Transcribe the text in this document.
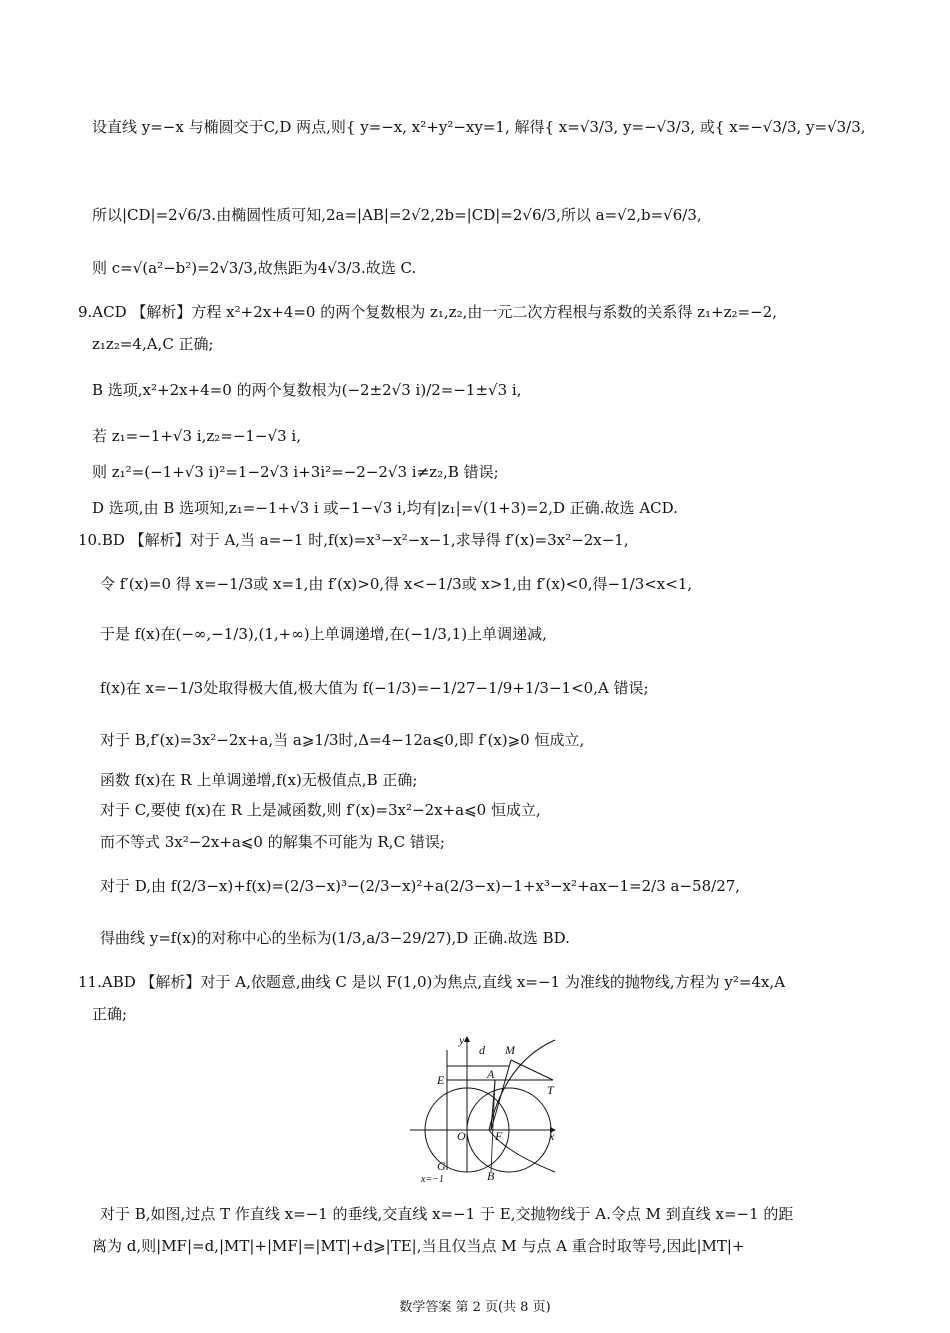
设直线 y=−x 与椭圆交于C,D 两点,则{ y=−x, x²+y²−xy=1, 解得{ x=√3/3, y=−√3/3, 或{ x=−√3/3, y=√3/3,
所以|CD|=2√6/3.由椭圆性质可知,2a=|AB|=2√2,2b=|CD|=2√6/3,所以 a=√2,b=√6/3,
则 c=√(a²−b²)=2√3/3,故焦距为4√3/3.故选 C.
9.ACD 【解析】方程 x²+2x+4=0 的两个复数根为 z₁,z₂,由一元二次方程根与系数的关系得 z₁+z₂=−2,
z₁z₂=4,A,C 正确;
B 选项,x²+2x+4=0 的两个复数根为(−2±2√3 i)/2=−1±√3 i,
若 z₁=−1+√3 i,z₂=−1−√3 i,
则 z₁²=(−1+√3 i)²=1−2√3 i+3i²=−2−2√3 i≠z₂,B 错误;
D 选项,由 B 选项知,z₁=−1+√3 i 或−1−√3 i,均有|z₁|=√(1+3)=2,D 正确.故选 ACD.
10.BD 【解析】对于 A,当 a=−1 时,f(x)=x³−x²−x−1,求导得 f′(x)=3x²−2x−1,
令 f′(x)=0 得 x=−1/3或 x=1,由 f′(x)>0,得 x<−1/3或 x>1,由 f′(x)<0,得−1/3<x<1,
于是 f(x)在(−∞,−1/3),(1,+∞)上单调递增,在(−1/3,1)上单调递减,
f(x)在 x=−1/3处取得极大值,极大值为 f(−1/3)=−1/27−1/9+1/3−1<0,A 错误;
对于 B,f′(x)=3x²−2x+a,当 a⩾1/3时,Δ=4−12a⩽0,即 f′(x)⩾0 恒成立,
函数 f(x)在 R 上单调递增,f(x)无极值点,B 正确;
对于 C,要使 f(x)在 R 上是减函数,则 f′(x)=3x²−2x+a⩽0 恒成立,
而不等式 3x²−2x+a⩽0 的解集不可能为 R,C 错误;
对于 D,由 f(2/3−x)+f(x)=(2/3−x)³−(2/3−x)²+a(2/3−x)−1+x³−x²+ax−1=2/3 a−58/27,
得曲线 y=f(x)的对称中心的坐标为(1/3,a/3−29/27),D 正确.故选 BD.
11.ABD 【解析】对于 A,依题意,曲线 C 是以 F(1,0)为焦点,直线 x=−1 为准线的抛物线,方程为 y²=4x,A
正确;
y
d M
E	A
T
O F	x
G
B
x=−1
对于 B,如图,过点 T 作直线 x=−1 的垂线,交直线 x=−1 于 E,交抛物线于 A.令点 M 到直线 x=−1 的距
离为 d,则|MF|=d,|MT|+|MF|=|MT|+d⩾|TE|,当且仅当点 M 与点 A 重合时取等号,因此|MT|+
数学答案 第 2 页(共 8 页)
